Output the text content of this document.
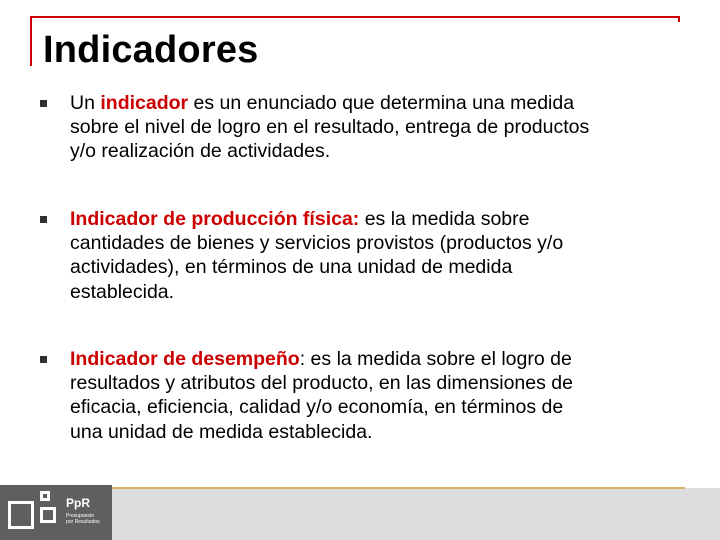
Indicadores
Un indicador es un enunciado que determina una medida
sobre el nivel de logro en el resultado, entrega de productos
y/o realización de actividades.
Indicador de producción física: es la medida sobre
cantidades de bienes y servicios provistos (productos y/o
actividades), en términos de una unidad de medida
establecida.
Indicador de desempeño: es la medida sobre el logro de
resultados y atributos del producto, en las dimensiones de
eficacia, eficiencia, calidad y/o economía, en términos de
una unidad de medida establecida.
PpR
Presupuesto
por Resultados
